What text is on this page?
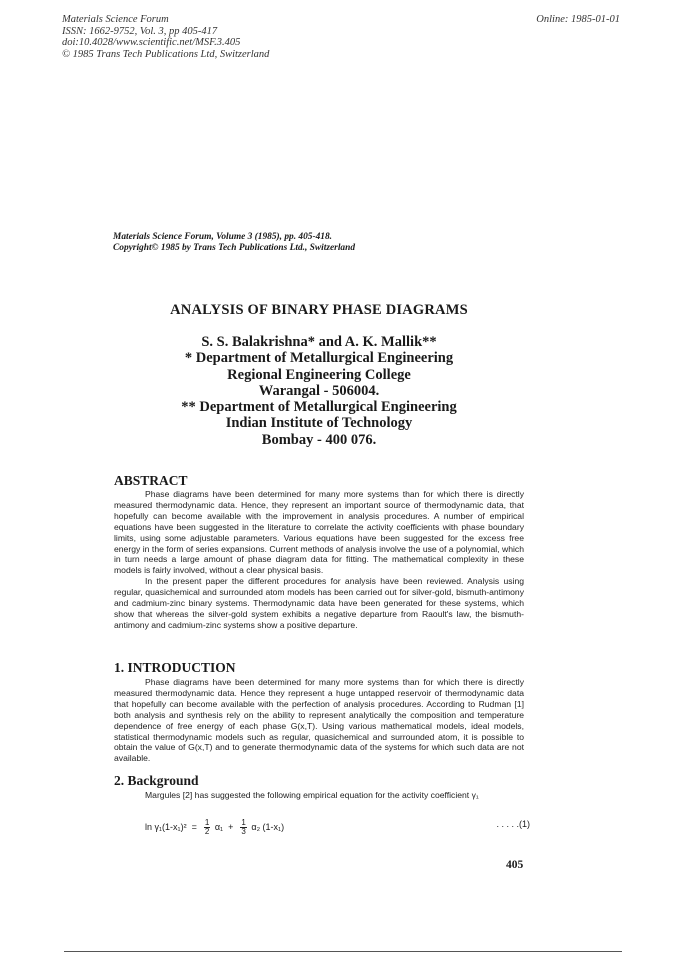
Materials Science Forum
ISSN: 1662-9752, Vol. 3, pp 405-417
doi:10.4028/www.scientific.net/MSF.3.405
© 1985 Trans Tech Publications Ltd, Switzerland
Online: 1985-01-01
Materials Science Forum, Volume 3 (1985), pp. 405-418.
Copyright© 1985 by Trans Tech Publications Ltd., Switzerland
ANALYSIS OF BINARY PHASE DIAGRAMS
S. S. Balakrishna* and A. K. Mallik**
* Department of Metallurgical Engineering
Regional Engineering College
Warangal - 506004.
** Department of Metallurgical Engineering
Indian Institute of Technology
Bombay - 400 076.
ABSTRACT

Phase diagrams have been determined for many more systems than for which there is directly measured thermodynamic data. Hence, they represent an important source of thermodynamic data, that hopefully can become available with the improvement in analysis procedures. A number of empirical equations have been suggested in the literature to correlate the activity coefficients with phase boundary limits, using some adjustable parameters. Various equations have been suggested for the excess free energy in the form of series expansions. Current methods of analysis involve the use of a polynomial, which in turn needs a large amount of phase diagram data for fitting. The mathematical complexity in these models is fairly involved, without a clear physical basis.

In the present paper the different procedures for analysis have been reviewed. Analysis using regular, quasichemical and surrounded atom models has been carried out for silver-gold, bismuth-antimony and cadmium-zinc binary systems. Thermodynamic data have been generated for these systems, which show that whereas the silver-gold system exhibits a negative departure from Raoult's law, the bismuth-antimony and cadmium-zinc systems show a positive departure.

1. INTRODUCTION

Phase diagrams have been determined for many more systems than for which there is directly measured thermodynamic data. Hence they represent a huge untapped reservoir of thermodynamic data that hopefully can become available with the perfection of analysis procedures. According to Rudman [1] both analysis and synthesis rely on the ability to represent analytically the composition and temperature dependence of free energy of each phase G(x,T). Using various mathematical models, ideal models, statistical thermodynamic models such as regular, quasichemical and surrounded atom, it is possible to obtain the value of G(x,T) and to generate thermodynamic data of the systems for which such data are not available.

2. Background

Margules [2] has suggested the following empirical equation for the activity coefficient γ₁

$\ln \gamma_1(1-x_1)^2 = \frac{1}{2} \alpha_1 + \frac{1}{3} \alpha_2$ (1-x₁)	. . . . .(1)
405
